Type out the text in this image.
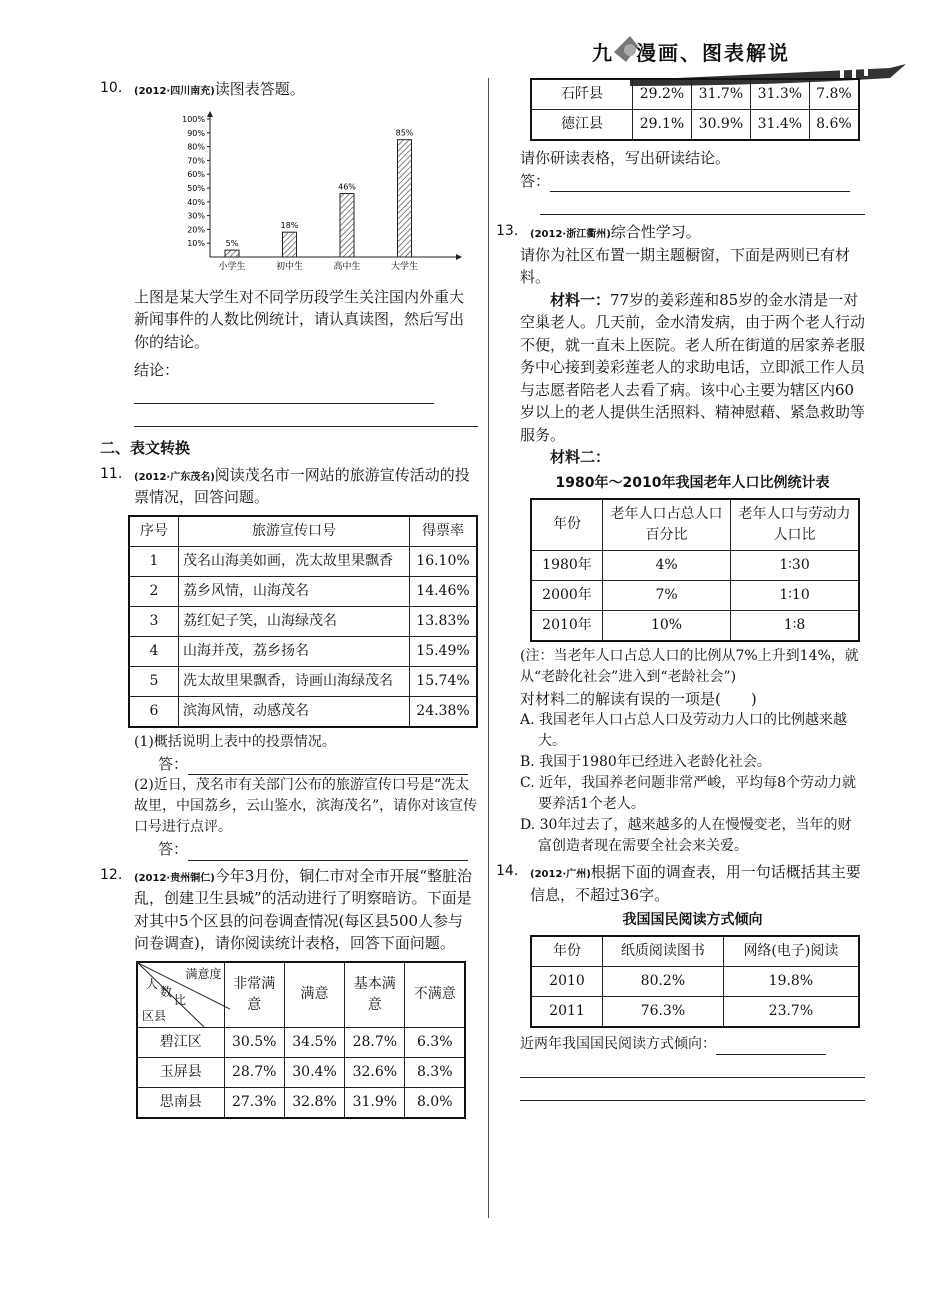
九　漫画、图表解说
10. (2012·四川南充)读图表答题。
10%
20%
30%
40%
50%
60%
70%
80%
90%
100%
5%
小学生
18%
初中生
46%
高中生
85%
大学生

上图是某大学生对不同学历段学生关注国内外重大新闻事件的人数比例统计，请认真读图，然后写出你的结论。

结论：

二、表文转换
11. (2012·广东茂名)阅读茂名市一网站的旅游宣传活动的投票情况，回答问题。
序号	旅游宣传口号	得票率
1	茂名山海美如画，冼太故里果飘香	16.10%
2	荔乡风情，山海茂名	14.46%
3	荔红妃子笑，山海绿茂名	13.83%
4	山海并茂，荔乡扬名	15.49%
5	冼太故里果飘香，诗画山海绿茂名	15.74%
6	滨海风情，动感茂名	24.38%

(1)概括说明上表中的投票情况。

答：

(2)近日，茂名市有关部门公布的旅游宣传口号是“冼太故里，中国荔乡，云山鉴水，滨海茂名”，请你对该宣传口号进行点评。

答：

12. (2012·贵州铜仁)今年3月份，铜仁市对全市开展“整脏治乱，创建卫生县城”的活动进行了明察暗访。下面是对其中5个区县的问卷调查情况(每区县500人参与问卷调查)，请你阅读统计表格，回答下面问题。
满意度
人
数
比
区县	非常满意	满意	基本满意	不满意
碧江区	30.5%	34.5%	28.7%	6.3%
玉屏县	28.7%	30.4%	32.6%	8.3%
思南县	27.3%	32.8%	31.9%	8.0%
石阡县	29.2%	31.7%	31.3%	7.8%
德江县	29.1%	30.9%	31.4%	8.6%

请你研读表格，写出研读结论。

答：

13. (2012·浙江衢州)综合性学习。

请你为社区布置一期主题橱窗，下面是两则已有材料。

材料一：77岁的姜彩莲和85岁的金水清是一对空巢老人。几天前，金水清发病，由于两个老人行动不便，就一直未上医院。老人所在街道的居家养老服务中心接到姜彩莲老人的求助电话，立即派工作人员与志愿者陪老人去看了病。该中心主要为辖区内60岁以上的老人提供生活照料、精神慰藉、紧急救助等服务。

材料二：

1980年～2010年我国老年人口比例统计表
年份	老年人口占总人口百分比	老年人口与劳动力人口比
1980年	4%	1∶30
2000年	7%	1∶10
2010年	10%	1∶8

(注：当老年人口占总人口的比例从7%上升到14%，就从“老龄化社会”进入到“老龄社会”)

对材料二的解读有误的一项是(　　)

A. 我国老年人口占总人口及劳动力人口的比例越来越大。

B. 我国于1980年已经进入老龄化社会。

C. 近年，我国养老问题非常严峻，平均每8个劳动力就要养活1个老人。

D. 30年过去了，越来越多的人在慢慢变老，当年的财富创造者现在需要全社会来关爱。

14. (2012·广州)根据下面的调查表，用一句话概括其主要信息，不超过36字。
我国国民阅读方式倾向
年份	纸质阅读图书	网络(电子)阅读
2010	80.2%	19.8%
2011	76.3%	23.7%

近两年我国国民阅读方式倾向：
